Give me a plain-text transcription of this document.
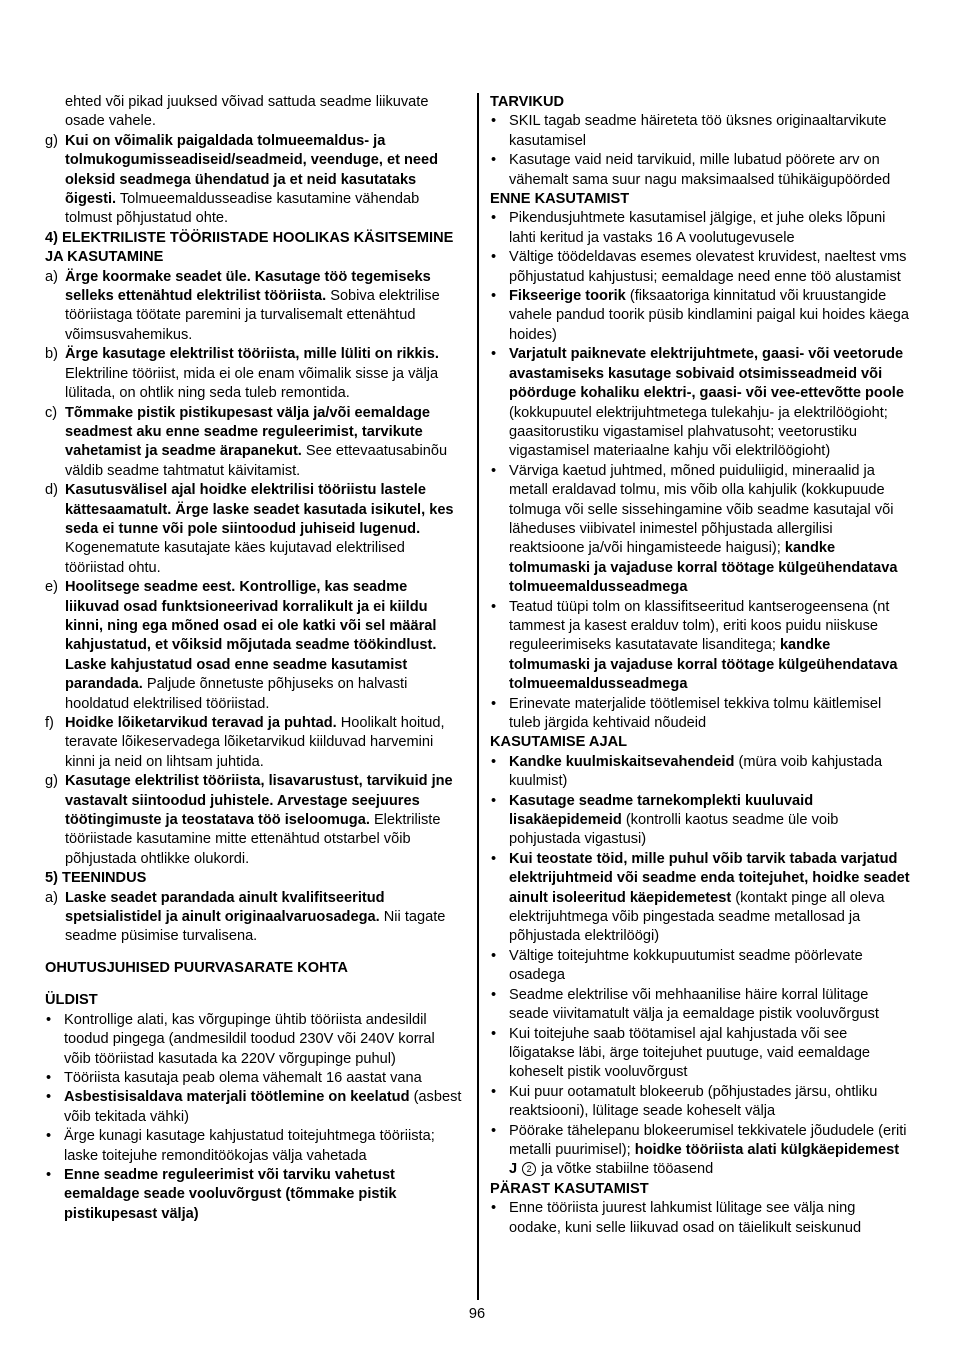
ehted või pikad juuksed võivad sattuda seadme liikuvate osade vahele.
g) Kui on võimalik paigaldada tolmueemaldus- ja tolmukogumisseadiseid/seadmeid, veenduge, et need oleksid seadmega ühendatud ja et neid kasutataks õigesti. Tolmueemaldusseadise kasutamine vähendab tolmust põhjustatud ohte.
4) ELEKTRILISTE TÖÖRIISTADE HOOLIKAS KÄSITSEMINE JA KASUTAMINE
a) Ärge koormake seadet üle. Kasutage töö tegemiseks selleks ettenähtud elektrilist tööriista. Sobiva elektrilise tööriistaga töötate paremini ja turvalisemalt ettenähtud võimsusvahemikus.
b) Ärge kasutage elektrilist tööriista, mille lüliti on rikkis. Elektriline tööriist, mida ei ole enam võimalik sisse ja välja lülitada, on ohtlik ning seda tuleb remontida.
c) Tõmmake pistik pistikupesast välja ja/või eemaldage seadmest aku enne seadme reguleerimist, tarvikute vahetamist ja seadme ärapanekut. See ettevaatusabinõu väldib seadme tahtmatut käivitamist.
d) Kasutusvälisel ajal hoidke elektrilisi tööriistu lastele kättesaamatult. Ärge laske seadet kasutada isikutel, kes seda ei tunne või pole siintoodud juhiseid lugenud. Kogenematute kasutajate käes kujutavad elektrilised tööriistad ohtu.
e) Hoolitsege seadme eest. Kontrollige, kas seadme liikuvad osad funktsioneerivad korralikult ja ei kiildu kinni, ning ega mõned osad ei ole katki või sel määral kahjustatud, et võiksid mõjutada seadme töökindlust. Laske kahjustatud osad enne seadme kasutamist parandada. Paljude õnnetuste põhjuseks on halvasti hooldatud elektrilised tööriistad.
f) Hoidke lõiketarvikud teravad ja puhtad. Hoolikalt hoitud, teravate lõikeservadega lõiketarvikud kiilduvad harvemini kinni ja neid on lihtsam juhtida.
g) Kasutage elektrilist tööriista, lisavarustust, tarvikuid jne vastavalt siintoodud juhistele. Arvestage seejuures töötingimuste ja teostatava töö iseloomuga. Elektriliste tööriistade kasutamine mitte ettenähtud otstarbel võib põhjustada ohtlikke olukordi.
5) TEENINDUS
a) Laske seadet parandada ainult kvalifitseeritud spetsialistidel ja ainult originaalvaruosadega. Nii tagate seadme püsimise turvalisena.
OHUTUSJUHISED PUURVASARATE KOHTA
ÜLDIST
• Kontrollige alati, kas võrgupinge ühtib tööriista andesildil toodud pingega (andmesildil toodud 230V või 240V korral võib tööriistad kasutada ka 220V võrgupinge puhul)
• Tööriista kasutaja peab olema vähemalt 16 aastat vana
• Asbestisisaldava materjali töötlemine on keelatud (asbest võib tekitada vähki)
• Ärge kunagi kasutage kahjustatud toitejuhtmega tööriista; laske toitejuhe remonditöökojas välja vahetada
• Enne seadme reguleerimist või tarviku vahetust eemaldage seade vooluvõrgust (tõmmake pistik pistikupesast välja)
TARVIKUD
• SKIL tagab seadme häireteta töö üksnes originaaltarvikute kasutamisel
• Kasutage vaid neid tarvikuid, mille lubatud pöörete arv on vähemalt sama suur nagu maksimaalsed tühikäigupöörded
ENNE KASUTAMIST
• Pikendusjuhtmete kasutamisel jälgige, et juhe oleks lõpuni lahti keritud ja vastaks 16 A voolutugevusele
• Vältige töödeldavas esemes olevatest kruvidest, naeltest vms põhjustatud kahjustusi; eemaldage need enne töö alustamist
• Fikseerige toorik (fiksaatoriga kinnitatud või kruustangide vahele pandud toorik püsib kindlamini paigal kui hoides käega hoides)
• Varjatult paiknevate elektrijuhtmete, gaasi- või veetorude avastamiseks kasutage sobivaid otsimisseadmeid või pöörduge kohaliku elektri-, gaasi- või vee-ettevõtte poole (kokkupuutel elektrijuhtmetega tulekahju- ja elektrilöögioht; gaasitorustiku vigastamisel plahvatusoht; veetorustiku vigastamisel materiaalne kahju või elektrilöögioht)
• Värviga kaetud juhtmed, mõned puiduliigid, mineraalid ja metall eraldavad tolmu, mis võib olla kahjulik (kokkupuude tolmuga või selle sissehingamine võib seadme kasutajal või läheduses viibivatel inimestel põhjustada allergilisi reaktsioone ja/või hingamisteede haigusi); kandke tolmumaski ja vajaduse korral töötage külgeühendatava tolmueemaldusseadmega
• Teatud tüüpi tolm on klassifitseeritud kantserogeensena (nt tammest ja kasest eralduv tolm), eriti koos puidu niiskuse reguleerimiseks kasutatavate lisanditega; kandke tolmumaski ja vajaduse korral töötage külgeühendatava tolmueemaldusseadmega
• Erinevate materjalide töötlemisel tekkiva tolmu käitlemisel tuleb järgida kehtivaid nõudeid
KASUTAMISE AJAL
• Kandke kuulmiskaitsevahendeid (müra voib kahjustada kuulmist)
• Kasutage seadme tarnekomplekti kuuluvaid lisakäepidemeid (kontrolli kaotus seadme üle voib pohjustada vigastusi)
• Kui teostate töid, mille puhul võib tarvik tabada varjatud elektrijuhtmeid või seadme enda toitejuhet, hoidke seadet ainult isoleeritud käepidemetest (kontakt pinge all oleva elektrijuhtmega võib pingestada seadme metallosad ja põhjustada elektrilöögi)
• Vältige toitejuhtme kokkupuutumist seadme pöörlevate osadega
• Seadme elektrilise või mehhaanilise häire korral lülitage seade viivitamatult välja ja eemaldage pistik vooluvõrgust
• Kui toitejuhe saab töötamisel ajal kahjustada või see lõigatakse läbi, ärge toitejuhet puutuge, vaid eemaldage koheselt pistik vooluvõrgust
• Kui puur ootamatult blokeerub (põhjustades järsu, ohtliku reaktsiooni), lülitage seade koheselt välja
• Pöörake tähelepanu blokeerumisel tekkivatele jõududele (eriti metalli puurimisel); hoidke tööriista alati külgkäepidemest J 2 ja võtke stabiilne tööasend
PÄRAST KASUTAMIST
• Enne tööriista juurest lahkumist lülitage see välja ning oodake, kuni selle liikuvad osad on täielikult seiskunud
96
